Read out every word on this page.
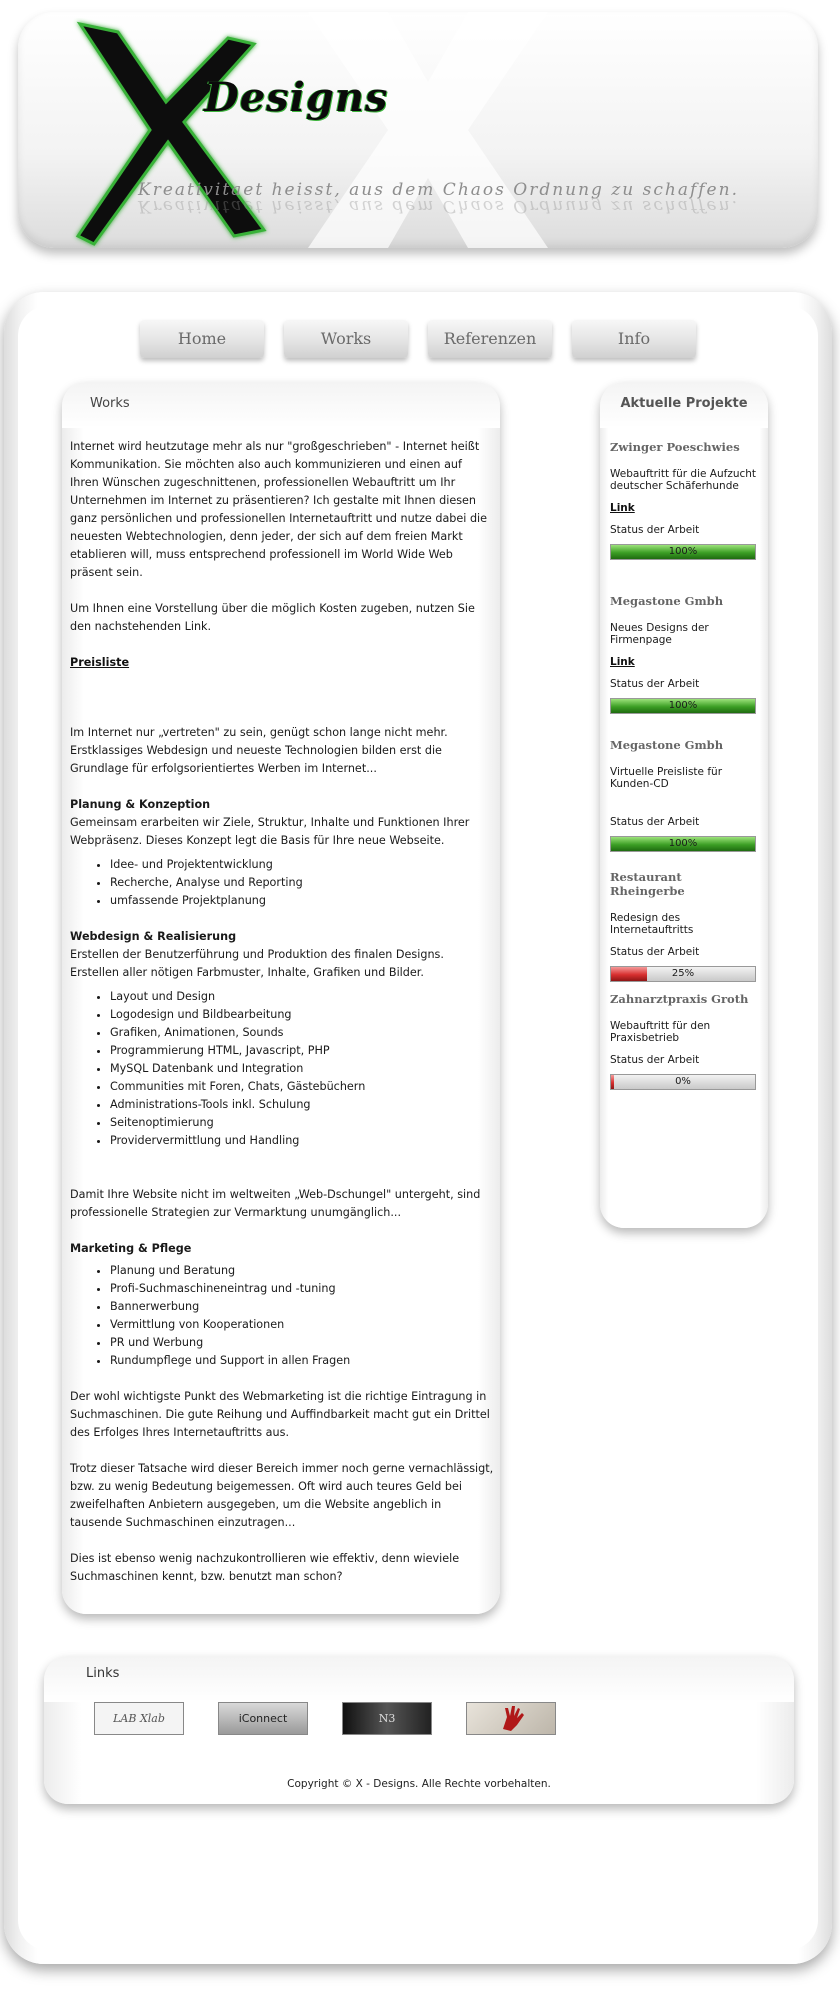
Designs
Kreativitaet heisst, aus dem Chaos Ordnung zu schaffen.
Kreativitaet heisst, aus dem Chaos Ordnung zu schaffen.
Home	Works	Referenzen	Info
Works

Internet wird heutzutage mehr als nur "großgeschrieben" - Internet heißt Kommunikation. Sie möchten also auch kommunizieren und einen auf Ihren Wünschen zugeschnittenen, professionellen Webauftritt um Ihr Unternehmen im Internet zu präsentieren? Ich gestalte mit Ihnen diesen ganz persönlichen und professionellen Internetauftritt und nutze dabei die neuesten Webtechnologien, denn jeder, der sich auf dem freien Markt etablieren will, muss entsprechend professionell im World Wide Web präsent sein.

Um Ihnen eine Vorstellung über die möglich Kosten zugeben, nutzen Sie den nachstehenden Link.

Preisliste

Im Internet nur „vertreten" zu sein, genügt schon lange nicht mehr. Erstklassiges Webdesign und neueste Technologien bilden erst die Grundlage für erfolgsorientiertes Werben im Internet...

Planung & Konzeption

Gemeinsam erarbeiten wir Ziele, Struktur, Inhalte und Funktionen Ihrer Webpräsenz. Dieses Konzept legt die Basis für Ihre neue Webseite.

• Idee- und Projektentwicklung
• Recherche, Analyse und Reporting
• umfassende Projektplanung
Webdesign & Realisierung

Erstellen der Benutzerführung und Produktion des finalen Designs. Erstellen aller nötigen Farbmuster, Inhalte, Grafiken und Bilder.

• Layout und Design
• Logodesign und Bildbearbeitung
• Grafiken, Animationen, Sounds
• Programmierung HTML, Javascript, PHP
• MySQL Datenbank und Integration
• Communities mit Foren, Chats, Gästebüchern
• Administrations-Tools inkl. Schulung
• Seitenoptimierung
• Providervermittlung und Handling

Damit Ihre Website nicht im weltweiten „Web-Dschungel" untergeht, sind professionelle Strategien zur Vermarktung unumgänglich...

Marketing & Pflege
• Planung und Beratung
• Profi-Suchmaschineneintrag und -tuning
• Bannerwerbung
• Vermittlung von Kooperationen
• PR und Werbung
• Rundumpflege und Support in allen Fragen

Der wohl wichtigste Punkt des Webmarketing ist die richtige Eintragung in Suchmaschinen. Die gute Reihung und Auffindbarkeit macht gut ein Drittel des Erfolges Ihres Internetauftritts aus.

Trotz dieser Tatsache wird dieser Bereich immer noch gerne vernachlässigt, bzw. zu wenig Bedeutung beigemessen. Oft wird auch teures Geld bei zweifelhaften Anbietern ausgegeben, um die Website angeblich in tausende Suchmaschinen einzutragen...

Dies ist ebenso wenig nachzukontrollieren wie effektiv, denn wieviele Suchmaschinen kennt, bzw. benutzt man schon?

Aktuelle Projekte
Zwinger Poeschwies
Webauftritt für die Aufzucht deutscher Schäferhunde
Link
Status der Arbeit
100%
Megastone Gmbh
Neues Designs der Firmenpage
Link
Status der Arbeit
100%
Megastone Gmbh
Virtuelle Preisliste für Kunden-CD
Status der Arbeit
100%
Restaurant Rheingerbe
Redesign des Internetauftritts
Status der Arbeit
25%
Zahnarztpraxis Groth
Webauftritt für den Praxisbetrieb
Status der Arbeit
0%
Links
LAB Xlab	iConnect	N3
Copyright © X - Designs. Alle Rechte vorbehalten.
